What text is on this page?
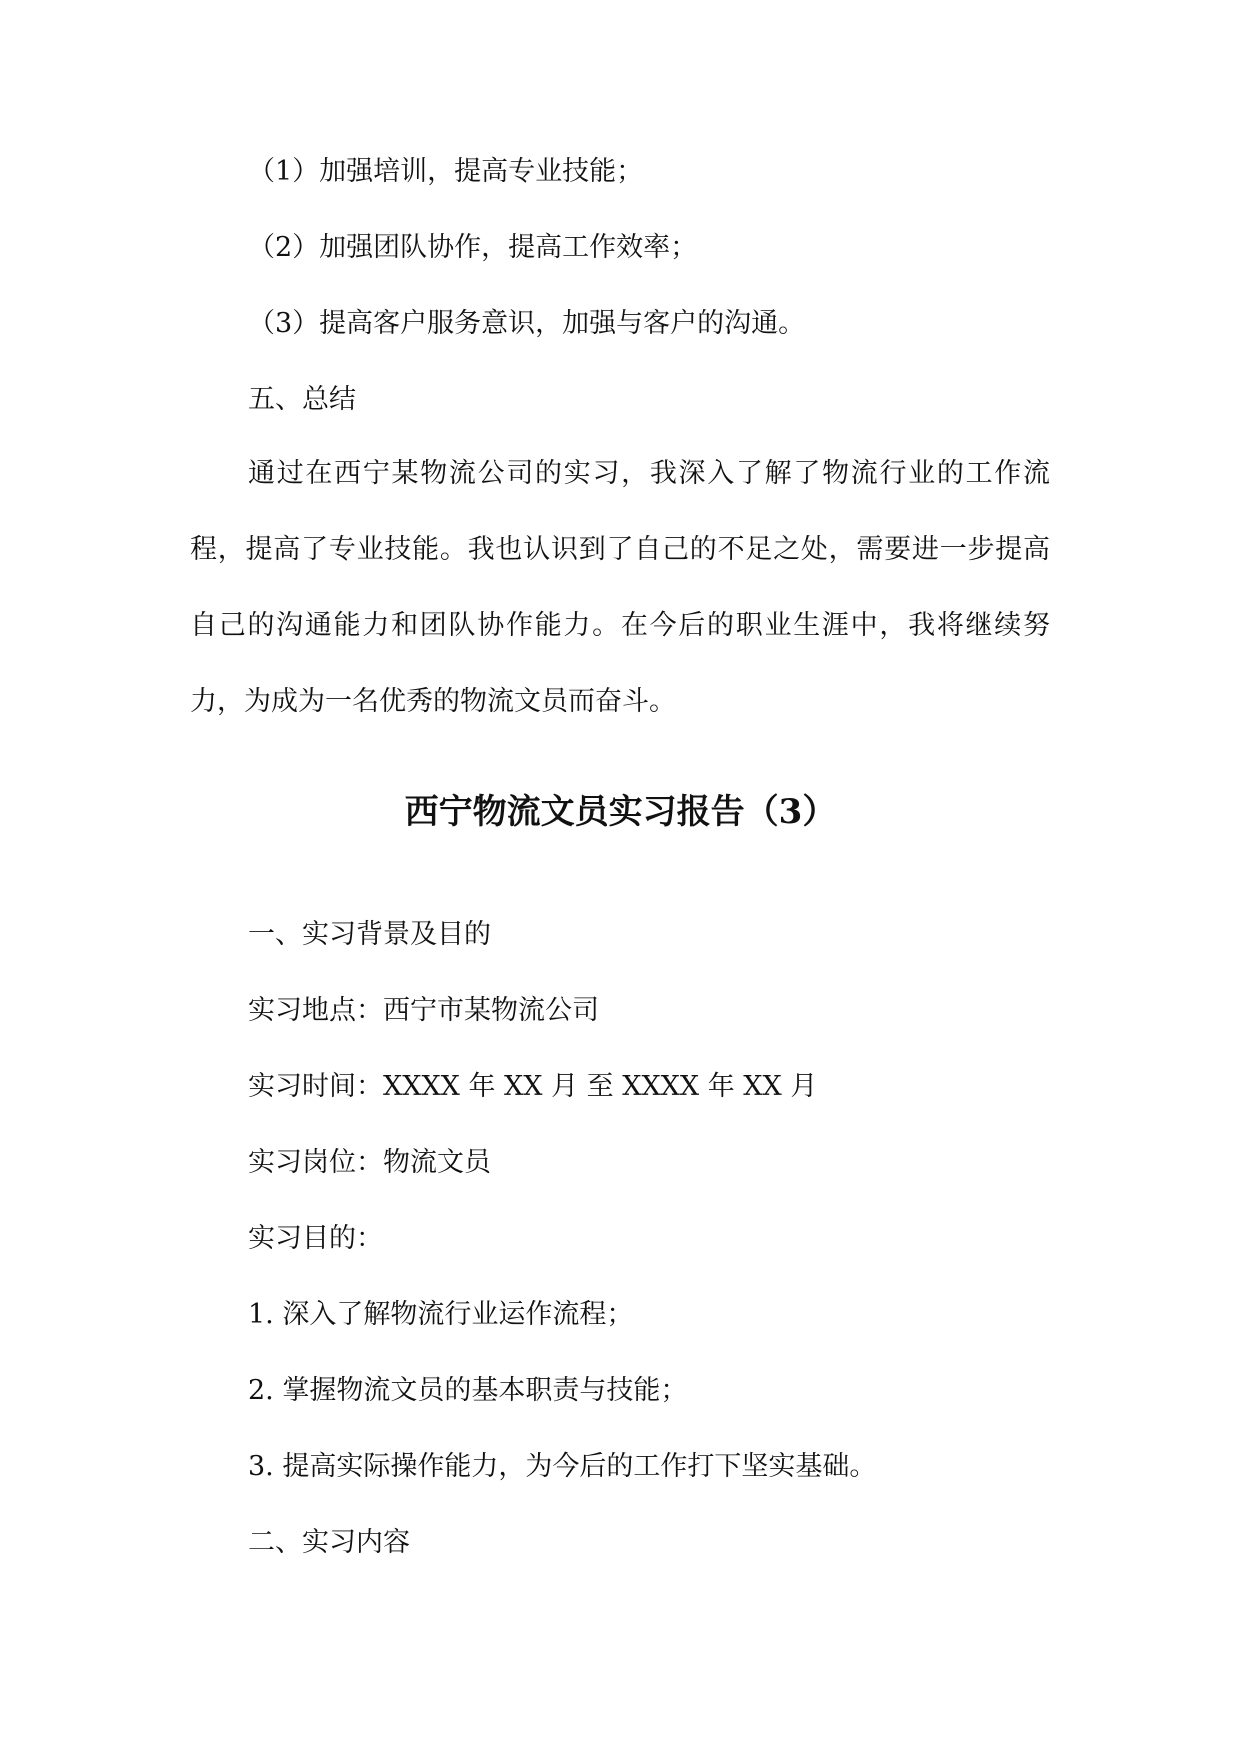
（1）加强培训，提高专业技能；
（2）加强团队协作，提高工作效率；
（3）提高客户服务意识，加强与客户的沟通。
五、总结
通过在西宁某物流公司的实习，我深入了解了物流行业的工作流程，提高了专业技能。我也认识到了自己的不足之处，需要进一步提高自己的沟通能力和团队协作能力。在今后的职业生涯中，我将继续努力，为成为一名优秀的物流文员而奋斗。
西宁物流文员实习报告（3）
一、实习背景及目的
实习地点：西宁市某物流公司
实习时间：XXXX 年 XX 月 至 XXXX 年 XX 月
实习岗位：物流文员
实习目的：
1. 深入了解物流行业运作流程；
2. 掌握物流文员的基本职责与技能；
3. 提高实际操作能力，为今后的工作打下坚实基础。
二、实习内容
